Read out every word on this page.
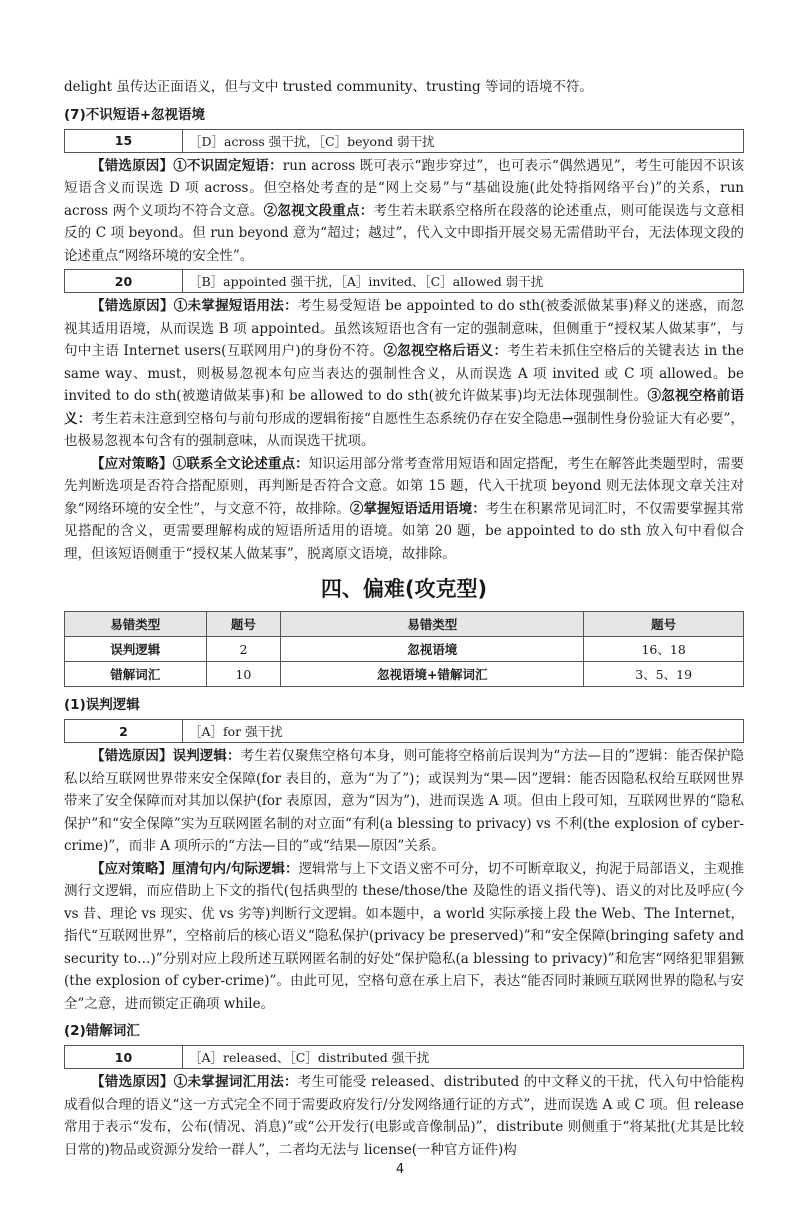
delight 虽传达正面语义，但与文中 trusted community、trusting 等词的语境不符。

(7)不识短语+忽视语境
15	［D］across 强干扰，［C］beyond 弱干扰

【错选原因】①不识固定短语：run across 既可表示“跑步穿过”，也可表示“偶然遇见”，考生可能因不识该短语含义而误选 D 项 across。但空格处考查的是“网上交易”与“基础设施(此处特指网络平台)”的关系，run across 两个义项均不符合文意。②忽视文段重点：考生若未联系空格所在段落的论述重点，则可能误选与文意相反的 C 项 beyond。但 run beyond 意为“超过；越过”，代入文中即指开展交易无需借助平台，无法体现文段的论述重点“网络环境的安全性”。

20	［B］appointed 强干扰，［A］invited、［C］allowed 弱干扰

【错选原因】①未掌握短语用法：考生易受短语 be appointed to do sth(被委派做某事)释义的迷惑，而忽视其适用语境，从而误选 B 项 appointed。虽然该短语也含有一定的强制意味，但侧重于“授权某人做某事”，与句中主语 Internet users(互联网用户)的身份不符。②忽视空格后语义：考生若未抓住空格后的关键表达 in the same way、must，则极易忽视本句应当表达的强制性含义，从而误选 A 项 invited 或 C 项 allowed。be invited to do sth(被邀请做某事)和 be allowed to do sth(被允许做某事)均无法体现强制性。③忽视空格前语义：考生若未注意到空格句与前句形成的逻辑衔接“自愿性生态系统仍存在安全隐患→强制性身份验证大有必要”，也极易忽视本句含有的强制意味，从而误选干扰项。

【应对策略】①联系全文论述重点：知识运用部分常考查常用短语和固定搭配，考生在解答此类题型时，需要先判断选项是否符合搭配原则，再判断是否符合文意。如第 15 题，代入干扰项 beyond 则无法体现文章关注对象“网络环境的安全性”，与文意不符，故排除。②掌握短语适用语境：考生在积累常见词汇时，不仅需要掌握其常见搭配的含义，更需要理解构成的短语所适用的语境。如第 20 题，be appointed to do sth 放入句中看似合理，但该短语侧重于“授权某人做某事”，脱离原文语境，故排除。

四、偏难(攻克型)
易错类型	题号	易错类型	题号
误判逻辑	2	忽视语境	16、18
错解词汇	10	忽视语境+错解词汇	3、5、19
(1)误判逻辑
2	［A］for 强干扰

【错选原因】误判逻辑：考生若仅聚焦空格句本身，则可能将空格前后误判为“方法—目的”逻辑：能否保护隐私以给互联网世界带来安全保障(for 表目的，意为“为了”)；或误判为“果—因”逻辑：能否因隐私权给互联网世界带来了安全保障而对其加以保护(for 表原因，意为“因为”)，进而误选 A 项。但由上段可知，互联网世界的“隐私保护”和“安全保障”实为互联网匿名制的对立面“有利(a blessing to privacy) vs 不利(the explosion of cyber-crime)”，而非 A 项所示的“方法—目的”或“结果—原因”关系。

【应对策略】厘清句内/句际逻辑：逻辑常与上下文语义密不可分，切不可断章取义，拘泥于局部语义，主观推测行文逻辑，而应借助上下文的指代(包括典型的 these/those/the 及隐性的语义指代等)、语义的对比及呼应(今 vs 昔、理论 vs 现实、优 vs 劣等)判断行文逻辑。如本题中，a world 实际承接上段 the Web、The Internet，指代“互联网世界”，空格前后的核心语义“隐私保护(privacy be preserved)”和“安全保障(bringing safety and security to…)”分别对应上段所述互联网匿名制的好处“保护隐私(a blessing to privacy)”和危害“网络犯罪猖獗(the explosion of cyber-crime)”。由此可见，空格句意在承上启下，表达“能否同时兼顾互联网世界的隐私与安全”之意，进而锁定正确项 while。

(2)错解词汇
10	［A］released、［C］distributed 强干扰

【错选原因】①未掌握词汇用法：考生可能受 released、distributed 的中文释义的干扰，代入句中恰能构成看似合理的语义“这一方式完全不同于需要政府发行/分发网络通行证的方式”，进而误选 A 或 C 项。但 release 常用于表示“发布，公布(情况、消息)”或“公开发行(电影或音像制品)”，distribute 则侧重于“将某批(尤其是比较日常的)物品或资源分发给一群人”，二者均无法与 license(一种官方证件)构

4
